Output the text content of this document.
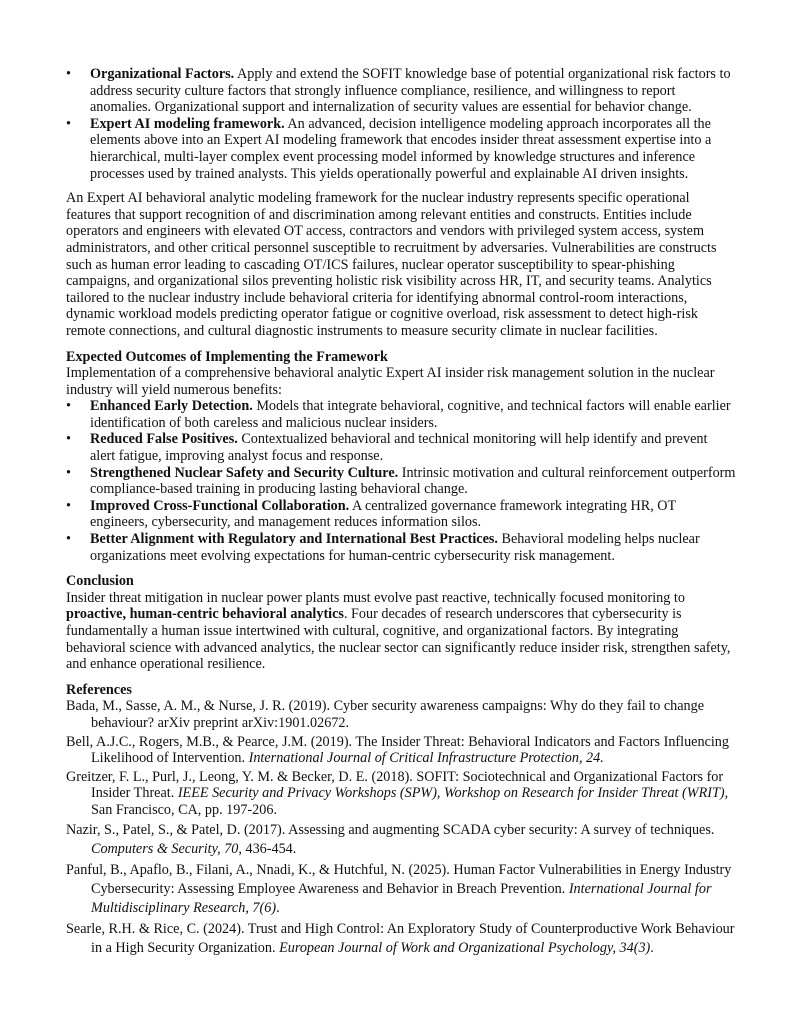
•	Organizational Factors. Apply and extend the SOFIT knowledge base of potential organizational risk factors to address security culture factors that strongly influence compliance, resilience, and willingness to report anomalies. Organizational support and internalization of security values are essential for behavior change.
•	Expert AI modeling framework. An advanced, decision intelligence modeling approach incorporates all the elements above into an Expert AI modeling framework that encodes insider threat assessment expertise into a hierarchical, multi-layer complex event processing model informed by knowledge structures and inference processes used by trained analysts. This yields operationally powerful and explainable AI driven insights.

An Expert AI behavioral analytic modeling framework for the nuclear industry represents specific operational features that support recognition of and discrimination among relevant entities and constructs. Entities include operators and engineers with elevated OT access, contractors and vendors with privileged system access, system administrators, and other critical personnel susceptible to recruitment by adversaries. Vulnerabilities are constructs such as human error leading to cascading OT/ICS failures, nuclear operator susceptibility to spear-phishing campaigns, and organizational silos preventing holistic risk visibility across HR, IT, and security teams. Analytics tailored to the nuclear industry include behavioral criteria for identifying abnormal control-room interactions, dynamic workload models predicting operator fatigue or cognitive overload, risk assessment to detect high-risk remote connections, and cultural diagnostic instruments to measure security climate in nuclear facilities.

Expected Outcomes of Implementing the Framework

Implementation of a comprehensive behavioral analytic Expert AI insider risk management solution in the nuclear industry will yield numerous benefits:

•	Enhanced Early Detection. Models that integrate behavioral, cognitive, and technical factors will enable earlier identification of both careless and malicious nuclear insiders.
•	Reduced False Positives. Contextualized behavioral and technical monitoring will help identify and prevent alert fatigue, improving analyst focus and response.
•	Strengthened Nuclear Safety and Security Culture. Intrinsic motivation and cultural reinforcement outperform compliance-based training in producing lasting behavioral change.
•	Improved Cross-Functional Collaboration. A centralized governance framework integrating HR, OT engineers, cybersecurity, and management reduces information silos.
•	Better Alignment with Regulatory and International Best Practices. Behavioral modeling helps nuclear organizations meet evolving expectations for human-centric cybersecurity risk management.

Conclusion

Insider threat mitigation in nuclear power plants must evolve past reactive, technically focused monitoring to proactive, human-centric behavioral analytics. Four decades of research underscores that cybersecurity is fundamentally a human issue intertwined with cultural, cognitive, and organizational factors. By integrating behavioral science with advanced analytics, the nuclear sector can significantly reduce insider risk, strengthen safety, and enhance operational resilience.

References

Bada, M., Sasse, A. M., & Nurse, J. R. (2019). Cyber security awareness campaigns: Why do they fail to change behaviour? arXiv preprint arXiv:1901.02672.

Bell, A.J.C., Rogers, M.B., & Pearce, J.M. (2019). The Insider Threat: Behavioral Indicators and Factors Influencing Likelihood of Intervention. International Journal of Critical Infrastructure Protection, 24.

Greitzer, F. L., Purl, J., Leong, Y. M. & Becker, D. E. (2018). SOFIT: Sociotechnical and Organizational Factors for Insider Threat. IEEE Security and Privacy Workshops (SPW), Workshop on Research for Insider Threat (WRIT), San Francisco, CA, pp. 197-206.

Nazir, S., Patel, S., & Patel, D. (2017). Assessing and augmenting SCADA cyber security: A survey of techniques. Computers & Security, 70, 436-454.

Panful, B., Apaflo, B., Filani, A., Nnadi, K., & Hutchful, N. (2025). Human Factor Vulnerabilities in Energy Industry Cybersecurity: Assessing Employee Awareness and Behavior in Breach Prevention. International Journal for Multidisciplinary Research, 7(6).

Searle, R.H. & Rice, C. (2024). Trust and High Control: An Exploratory Study of Counterproductive Work Behaviour in a High Security Organization. European Journal of Work and Organizational Psychology, 34(3).
